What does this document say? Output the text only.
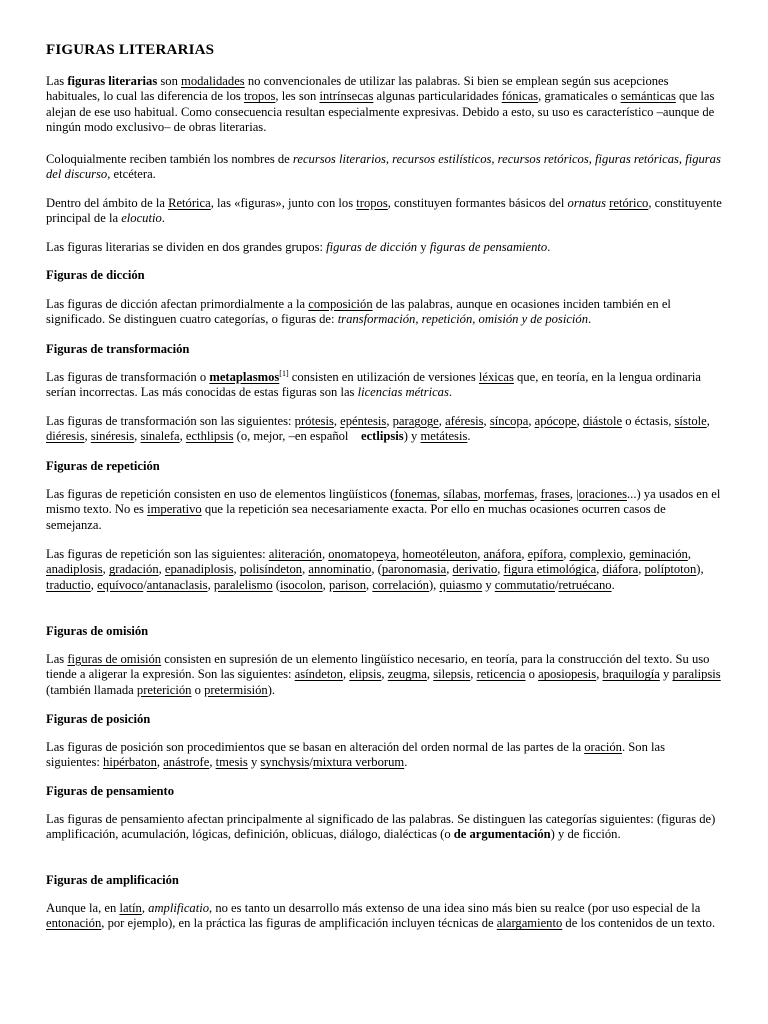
FIGURAS LITERARIAS

Las figuras literarias son modalidades no convencionales de utilizar las palabras. Si bien se emplean según sus acepciones habituales, lo cual las diferencia de los tropos, les son intrínsecas algunas particularidades fónicas, gramaticales o semánticas que las alejan de ese uso habitual. Como consecuencia resultan especialmente expresivas. Debido a esto, su uso es característico –aunque de ningún modo exclusivo– de obras literarias.

Coloquialmente reciben también los nombres de recursos literarios, recursos estilísticos, recursos retóricos, figuras retóricas, figuras del discurso, etcétera.

Dentro del ámbito de la Retórica, las «figuras», junto con los tropos, constituyen formantes básicos del ornatus retórico, constituyente principal de la elocutio.

Las figuras literarias se dividen en dos grandes grupos: figuras de dicción y figuras de pensamiento.

Figuras de dicción

Las figuras de dicción afectan primordialmente a la composición de las palabras, aunque en ocasiones inciden también en el significado. Se distinguen cuatro categorías, o figuras de: transformación, repetición, omisión y de posición.

Figuras de transformación

Las figuras de transformación o metaplasmos[1] consisten en utilización de versiones léxicas que, en teoría, en la lengua ordinaria serían incorrectas. Las más conocidas de estas figuras son las licencias métricas.

Las figuras de transformación son las siguientes: prótesis, epéntesis, paragoge, aféresis, síncopa, apócope, diástole o éctasis, sístole, diéresis, sinéresis, sinalefa, ecthlipsis (o, mejor, –en español ectlipsis) y metátesis.

Figuras de repetición

Las figuras de repetición consisten en uso de elementos lingüísticos (fonemas, sílabas, morfemas, frases, |oraciones...) ya usados en el mismo texto. No es imperativo que la repetición sea necesariamente exacta. Por ello en muchas ocasiones ocurren casos de semejanza.

Las figuras de repetición son las siguientes: aliteración, onomatopeya, homeotéleuton, anáfora, epífora, complexio, geminación, anadiplosis, gradación, epanadiplosis, polisíndeton, annominatio, (paronomasia, derivatio, figura etimológica, diáfora, políptoton), traductio, equívoco/antanaclasis, paralelismo (isocolon, parison, correlación), quiasmo y commutatio/retruécano.

Figuras de omisión

Las figuras de omisión consisten en supresión de un elemento lingüístico necesario, en teoría, para la construcción del texto. Su uso tiende a aligerar la expresión. Son las siguientes: asíndeton, elipsis, zeugma, silepsis, reticencia o aposiopesis, braquilogía y paralipsis (también llamada preterición o pretermisión).

Figuras de posición

Las figuras de posición son procedimientos que se basan en alteración del orden normal de las partes de la oración. Son las siguientes: hipérbaton, anástrofe, tmesis y synchysis/mixtura verborum.

Figuras de pensamiento

Las figuras de pensamiento afectan principalmente al significado de las palabras. Se distinguen las categorías siguientes: (figuras de) amplificación, acumulación, lógicas, definición, oblicuas, diálogo, dialécticas (o de argumentación) y de ficción.

Figuras de amplificación

Aunque la, en latín, amplificatio, no es tanto un desarrollo más extenso de una idea sino más bien su realce (por uso especial de la entonación, por ejemplo), en la práctica las figuras de amplificación incluyen técnicas de alargamiento de los contenidos de un texto.
